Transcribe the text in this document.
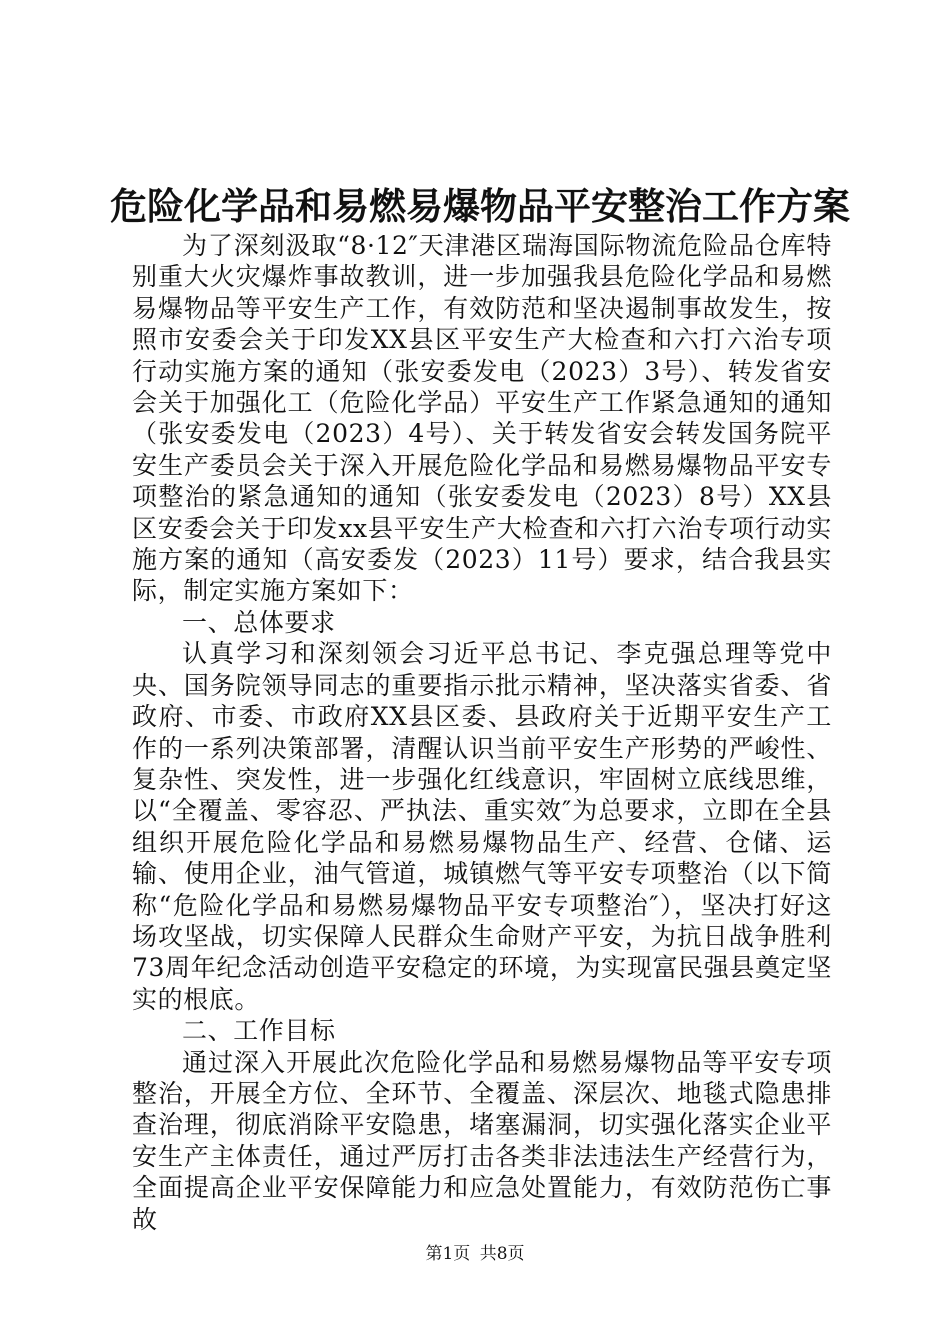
危险化学品和易燃易爆物品平安整治工作方案

为了深刻汲取“8·12″天津港区瑞海国际物流危险品仓库特别重大火灾爆炸事故教训，进一步加强我县危险化学品和易燃易爆物品等平安生产工作，有效防范和坚决遏制事故发生，按照市安委会关于印发XX县区平安生产大检查和六打六治专项行动实施方案的通知（张安委发电（2023）3号）、转发省安会关于加强化工（危险化学品）平安生产工作紧急通知的通知（张安委发电（2023）4号）、关于转发省安会转发国务院平安生产委员会关于深入开展危险化学品和易燃易爆物品平安专项整治的紧急通知的通知（张安委发电（2023）8号）XX县区安委会关于印发xx县平安生产大检查和六打六治专项行动实施方案的通知（高安委发（2023）11号）要求，结合我县实际，制定实施方案如下：

一、总体要求

认真学习和深刻领会习近平总书记、李克强总理等党中央、国务院领导同志的重要指示批示精神，坚决落实省委、省政府、市委、市政府XX县区委、县政府关于近期平安生产工作的一系列决策部署，清醒认识当前平安生产形势的严峻性、复杂性、突发性，进一步强化红线意识，牢固树立底线思维，以“全覆盖、零容忍、严执法、重实效″为总要求，立即在全县组织开展危险化学品和易燃易爆物品生产、经营、仓储、运输、使用企业，油气管道，城镇燃气等平安专项整治（以下简称“危险化学品和易燃易爆物品平安专项整治″），坚决打好这场攻坚战，切实保障人民群众生命财产平安，为抗日战争胜利73周年纪念活动创造平安稳定的环境，为实现富民强县奠定坚实的根底。

二、工作目标

通过深入开展此次危险化学品和易燃易爆物品等平安专项整治，开展全方位、全环节、全覆盖、深层次、地毯式隐患排查治理，彻底消除平安隐患，堵塞漏洞，切实强化落实企业平安生产主体责任，通过严厉打击各类非法违法生产经营行为，全面提高企业平安保障能力和应急处置能力，有效防范伤亡事故

第1页 共8页
